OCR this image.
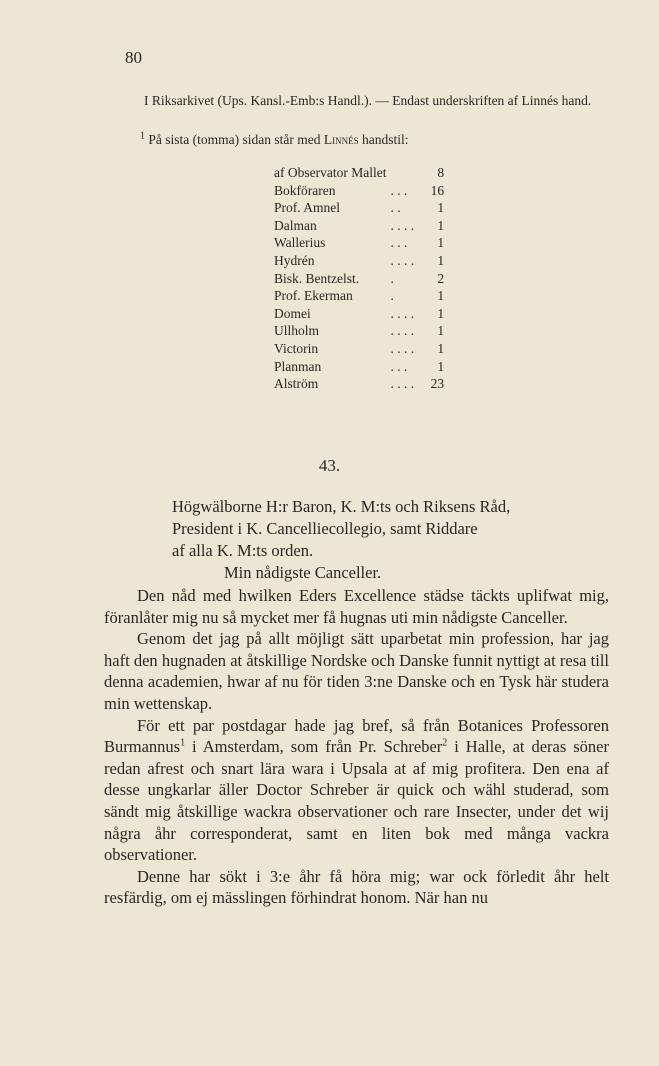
80
I Riksarkivet (Ups. Kansl.-Emb:s Handl.). — Endast underskriften af Linnés hand.
$^1$ På sista (tomma) sidan står med Linnés handstil:
af Observator Mallet		8
Bokföraren	. . .	16
Prof. Amnel	. .	1
Dalman	. . . .	1
Wallerius	. . .	1
Hydrén	. . . .	1
Bisk. Bentzelst.	.	2
Prof. Ekerman	.	1
Domei	. . . .	1
Ullholm	. . . .	1
Victorin	. . . .	1
Planman	. . .	1
Alström	. . . .	23
43.
Högwälborne H:r Baron, K. M:ts och Riksens Råd,
President i K. Cancelliecollegio, samt Riddare
af alla K. M:ts orden.
Min nådigste Canceller.

Den nåd med hwilken Eders Excellence städse täckts uplifwat mig, föranlåter mig nu så mycket mer få hugnas uti min nådigste Canceller.

Genom det jag på allt möjligt sätt uparbetat min profession, har jag haft den hugnaden at åtskillige Nordske och Danske funnit nyttigt at resa till denna academien, hwar af nu för tiden 3:ne Danske och en Tysk här studera min wettenskap.

För ett par postdagar hade jag bref, så från Botanices Professoren Burmannus$^1$ i Amsterdam, som från Pr. Schreber$^2$ i Halle, at deras söner redan afrest och snart lära wara i Upsala at af mig profitera. Den ena af desse ungkarlar äller Doctor Schreber är quick och wähl studerad, som sändt mig åtskillige wackra observationer och rare Insecter, under det wij några åhr corresponderat, samt en liten bok med många vackra observationer.

Denne har sökt i 3:e åhr få höra mig; war ock förledit åhr helt resfärdig, om ej mässlingen förhindrat honom. När han nu
